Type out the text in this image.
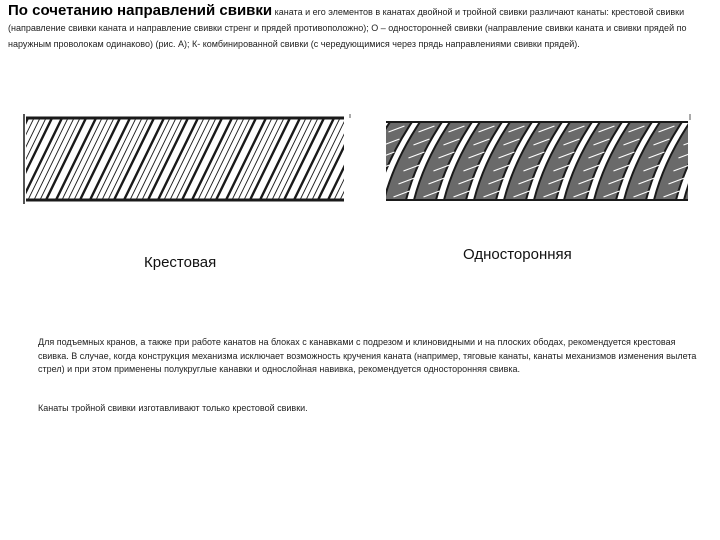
По сочетанию направлений свивки каната и его элементов в канатах двойной и тройной свивки различают канаты: крестовой свивки (направление свивки каната и направление свивки стренг и прядей противоположно); О – односторонней свивки (направление свивки каната и свивки прядей по наружным проволокам одинаково) (рис. А); К- комбинированной свивки (с чередующимися через прядь направлениями свивки прядей).
Крестовая	Односторонняя
Для подъемных кранов, а также при работе канатов на блоках с канавками с подрезом и клиновидными и на плоских ободах, рекомендуется крестовая свивка. В случае, когда конструкция механизма исключает возможность кручения каната (например, тяговые канаты, канаты механизмов изменения вылета стрел) и при этом применены полукруглые канавки и однослойная навивка, рекомендуется односторонняя свивка.
Канаты тройной свивки изготавливают только крестовой свивки.
